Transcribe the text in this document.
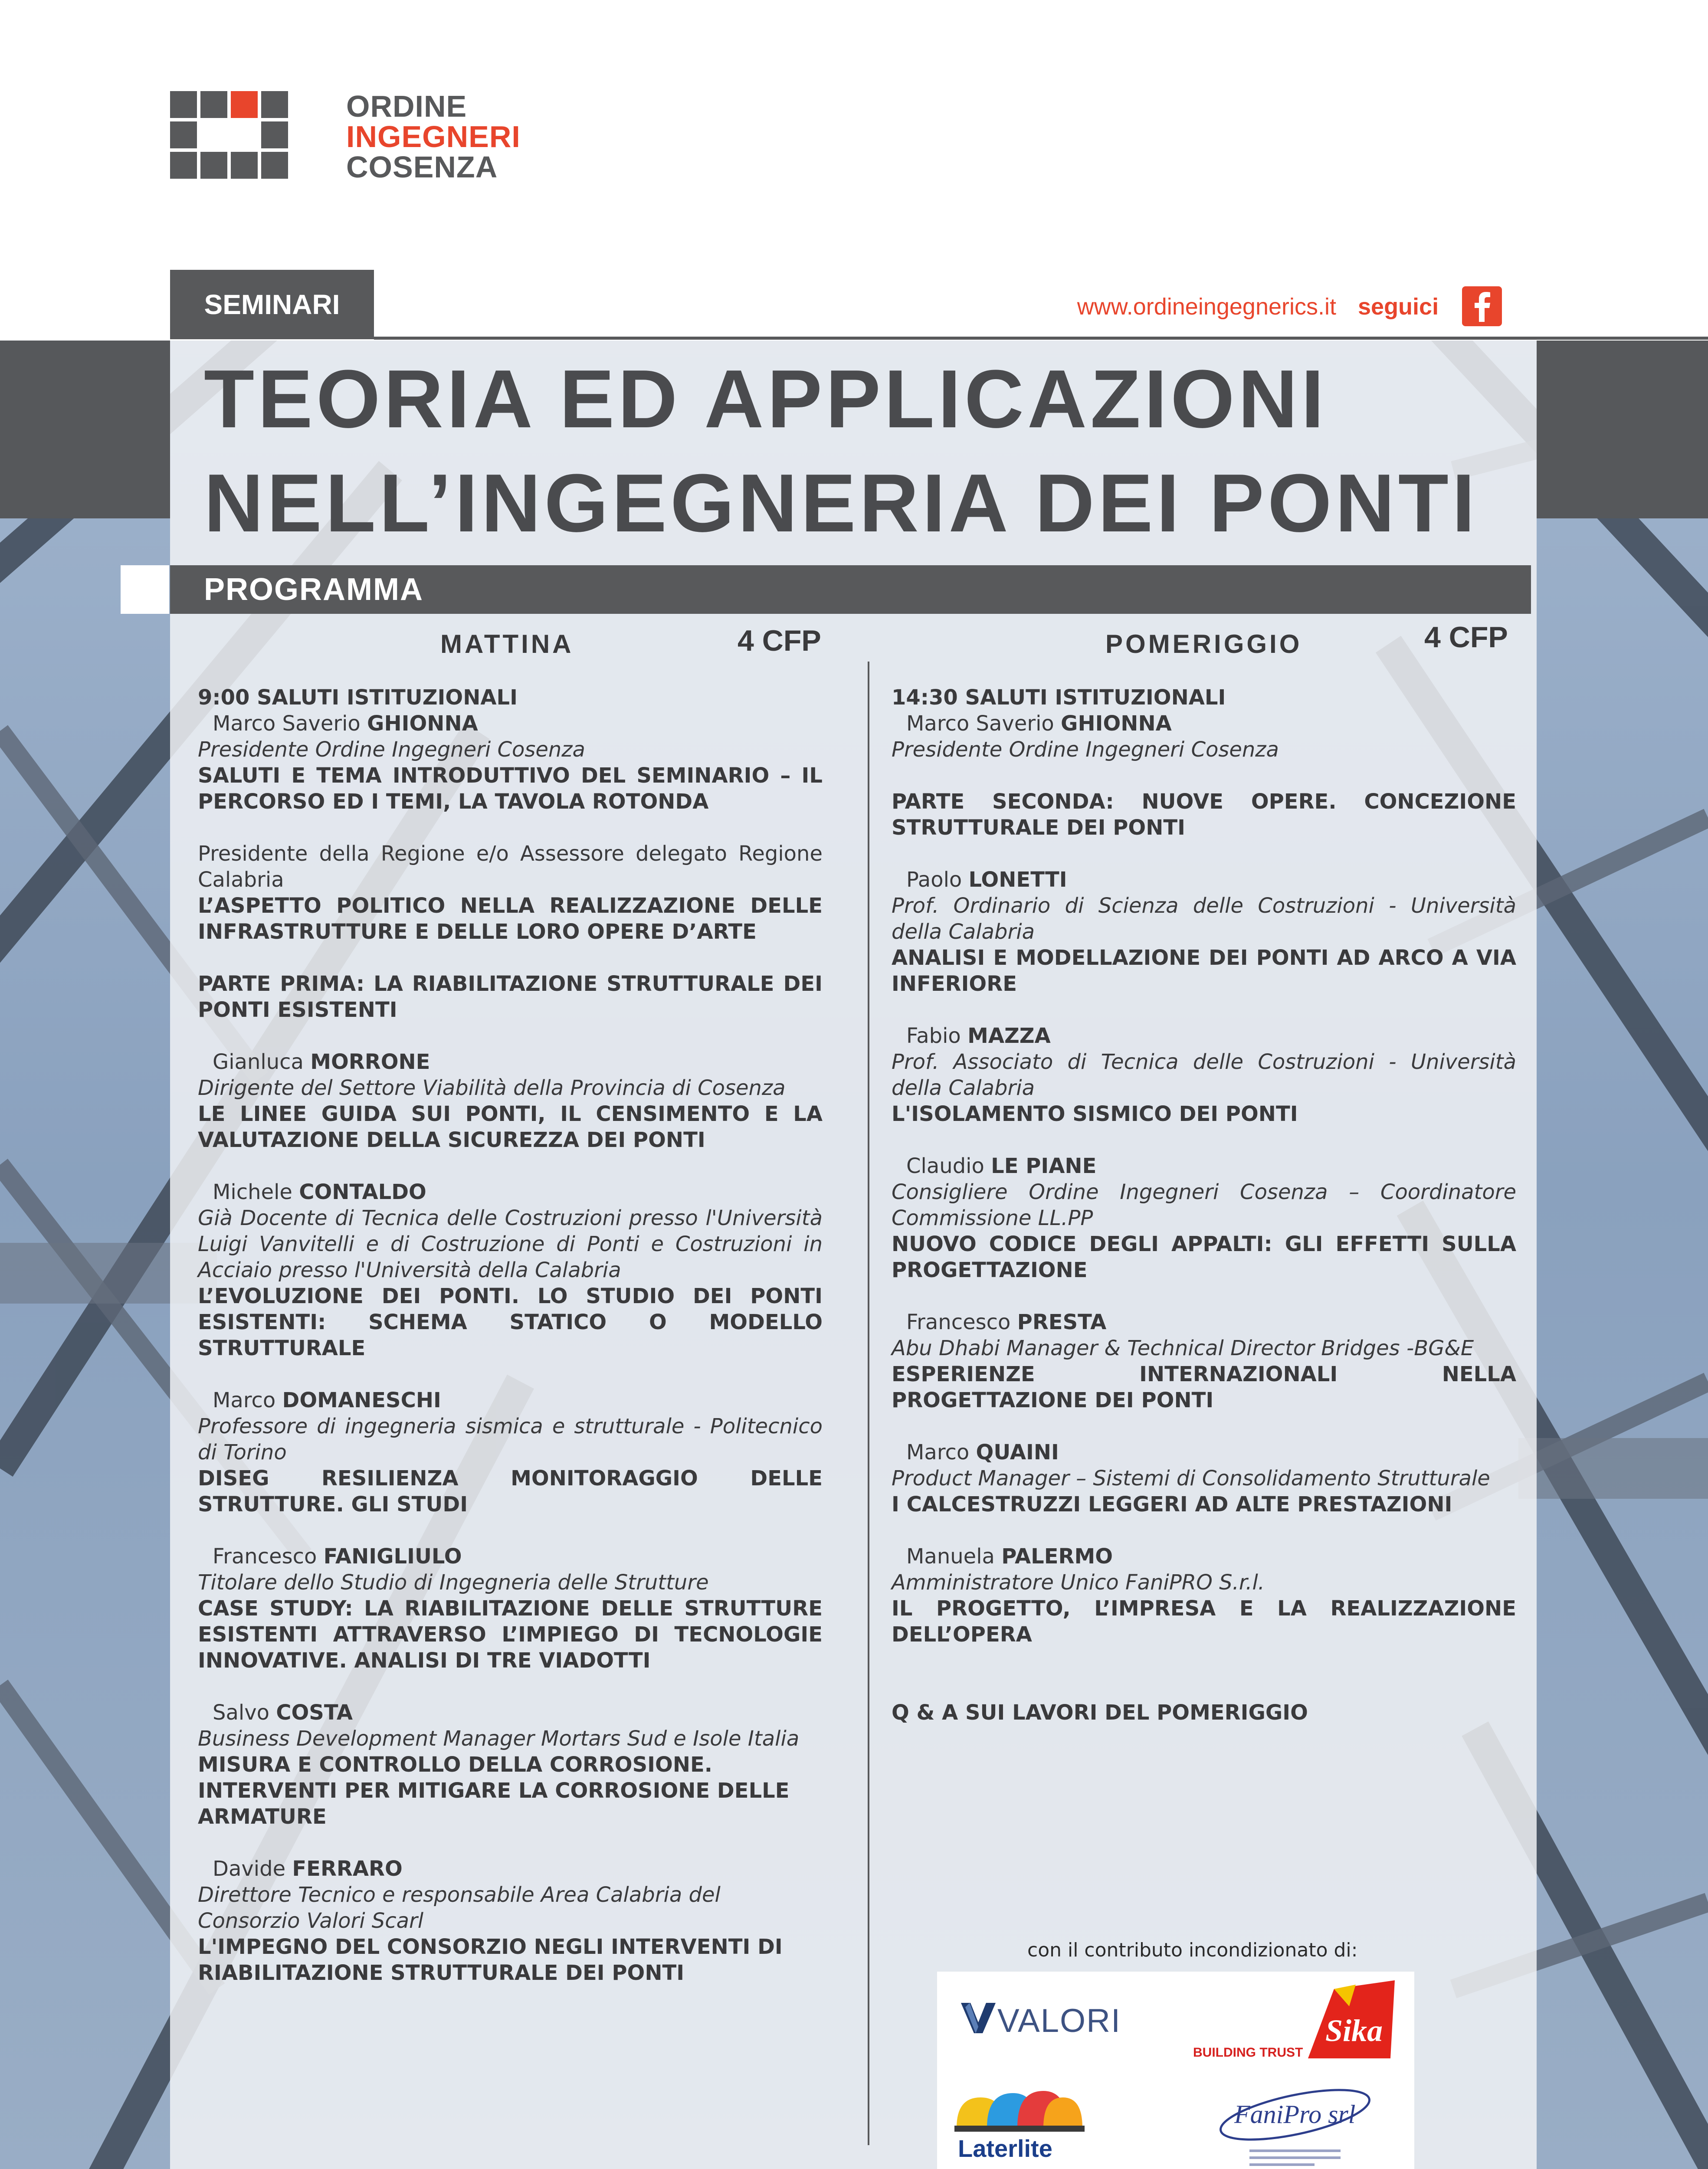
ORDINE
INGEGNERI
COSENZA
SEMINARI	www.ordineingegnerics.it seguici
TEORIA ED APPLICAZIONI
NELL’INGEGNERIA DEI PONTI
PROGRAMMA
MATTINA	4 CFP	POMERIGGIO	4 CFP
9:00 SALUTI ISTITUZIONALI
Marco Saverio GHIONNA
Presidente Ordine Ingegneri Cosenza
SALUTI E TEMA INTRODUTTIVO DEL SEMINARIO – IL PERCORSO ED I TEMI, LA TAVOLA ROTONDA
Presidente della Regione e/o Assessore delegato Regione Calabria
L’ASPETTO POLITICO NELLA REALIZZAZIONE DELLE INFRASTRUTTURE E DELLE LORO OPERE D’ARTE
PARTE PRIMA: LA RIABILITAZIONE STRUTTURALE DEI PONTI ESISTENTI
Gianluca MORRONE
Dirigente del Settore Viabilità della Provincia di Cosenza
LE LINEE GUIDA SUI PONTI, IL CENSIMENTO E LA VALUTAZIONE DELLA SICUREZZA DEI PONTI
Michele CONTALDO
Già Docente di Tecnica delle Costruzioni presso l'Università Luigi Vanvitelli e di Costruzione di Ponti e Costruzioni in Acciaio presso l'Università della Calabria
L’EVOLUZIONE DEI PONTI. LO STUDIO DEI PONTI ESISTENTI: SCHEMA STATICO O MODELLO STRUTTURALE
Marco DOMANESCHI
Professore di ingegneria sismica e strutturale - Politecnico di Torino
DISEG RESILIENZA MONITORAGGIO DELLE STRUTTURE. GLI STUDI
Francesco FANIGLIULO
Titolare dello Studio di Ingegneria delle Strutture
CASE STUDY: LA RIABILITAZIONE DELLE STRUTTURE ESISTENTI ATTRAVERSO L’IMPIEGO DI TECNOLOGIE INNOVATIVE. ANALISI DI TRE VIADOTTI
Salvo COSTA
Business Development Manager Mortars Sud e Isole Italia
MISURA E CONTROLLO DELLA CORROSIONE.
INTERVENTI PER MITIGARE LA CORROSIONE DELLE ARMATURE
Davide FERRARO
Direttore Tecnico e responsabile Area Calabria del Consorzio Valori Scarl
L'IMPEGNO DEL CONSORZIO NEGLI INTERVENTI DI RIABILITAZIONE STRUTTURALE DEI PONTI
14:30 SALUTI ISTITUZIONALI
Marco Saverio GHIONNA
Presidente Ordine Ingegneri Cosenza
PARTE SECONDA: NUOVE OPERE. CONCEZIONE STRUTTURALE DEI PONTI
Paolo LONETTI
Prof. Ordinario di Scienza delle Costruzioni - Università della Calabria
ANALISI E MODELLAZIONE DEI PONTI AD ARCO A VIA INFERIORE
Fabio MAZZA
Prof. Associato di Tecnica delle Costruzioni - Università della Calabria
L'ISOLAMENTO SISMICO DEI PONTI
Claudio LE PIANE
Consigliere Ordine Ingegneri Cosenza – Coordinatore Commissione LL.PP
NUOVO CODICE DEGLI APPALTI: GLI EFFETTI SULLA PROGETTAZIONE
Francesco PRESTA
Abu Dhabi Manager & Technical Director Bridges -BG&E
ESPERIENZE INTERNAZIONALI NELLA PROGETTAZIONE DEI PONTI
Marco QUAINI
Product Manager – Sistemi di Consolidamento Strutturale
I CALCESTRUZZI LEGGERI AD ALTE PRESTAZIONI
Manuela PALERMO
Amministratore Unico FaniPRO S.r.l.
IL PROGETTO, L’IMPRESA E LA REALIZZAZIONE DELL’OPERA
Q & A SUI LAVORI DEL POMERIGGIO
con il contributo incondizionato di:
VALORI
BUILDING TRUST
Sika
Laterlite
FaniPro srl
